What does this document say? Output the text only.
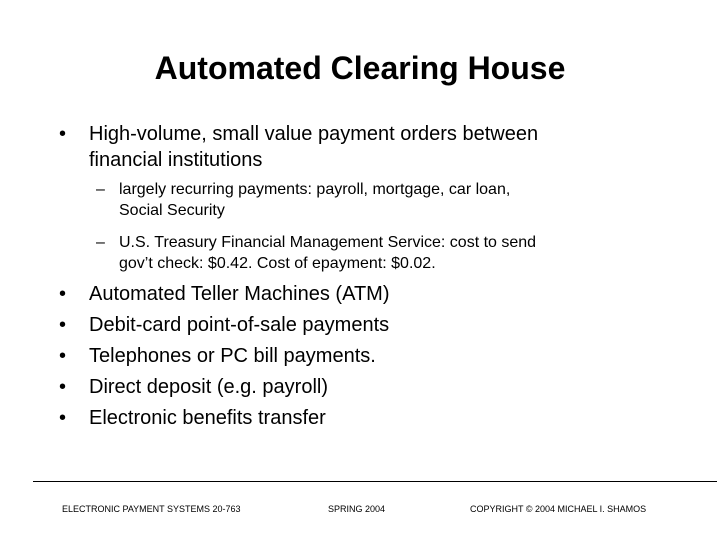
Automated Clearing House
• High-volume, small value payment orders between
financial institutions
– largely recurring payments: payroll, mortgage, car loan,
Social Security
– U.S. Treasury Financial Management Service: cost to send
gov’t check: $0.42. Cost of epayment: $0.02.
• Automated Teller Machines (ATM)
• Debit-card point-of-sale payments
• Telephones or PC bill payments.
• Direct deposit (e.g. payroll)
• Electronic benefits transfer
ELECTRONIC PAYMENT SYSTEMS 20-763	SPRING 2004	COPYRIGHT © 2004 MICHAEL I. SHAMOS
